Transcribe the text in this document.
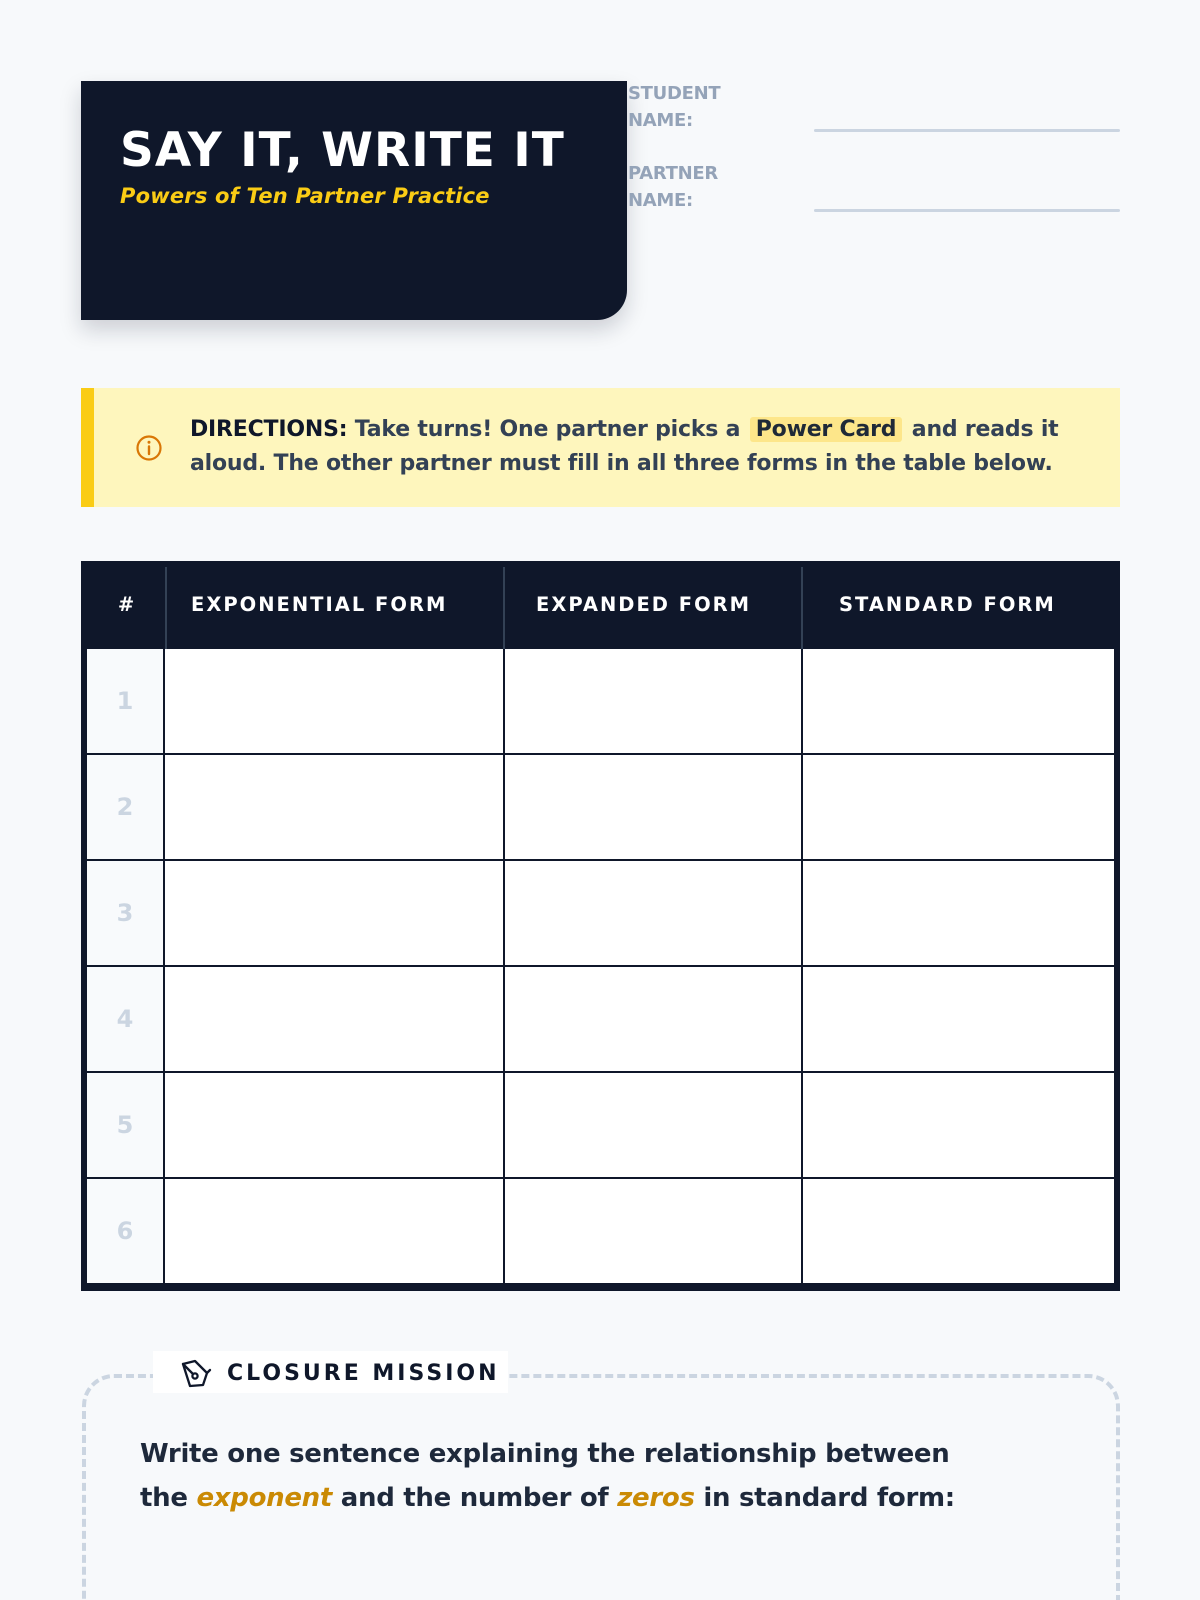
SAY IT, WRITE IT
Powers of Ten Partner Practice
STUDENT NAME:
PARTNER NAME:
DIRECTIONS: Take turns! One partner picks a Power Card and reads it aloud. The other partner must fill in all three forms in the table below.
#	EXPONENTIAL FORM	EXPANDED FORM	STANDARD FORM
1
2
3
4
5
6
CLOSURE MISSION
Write one sentence explaining the relationship between the exponent and the number of zeros in standard form:
